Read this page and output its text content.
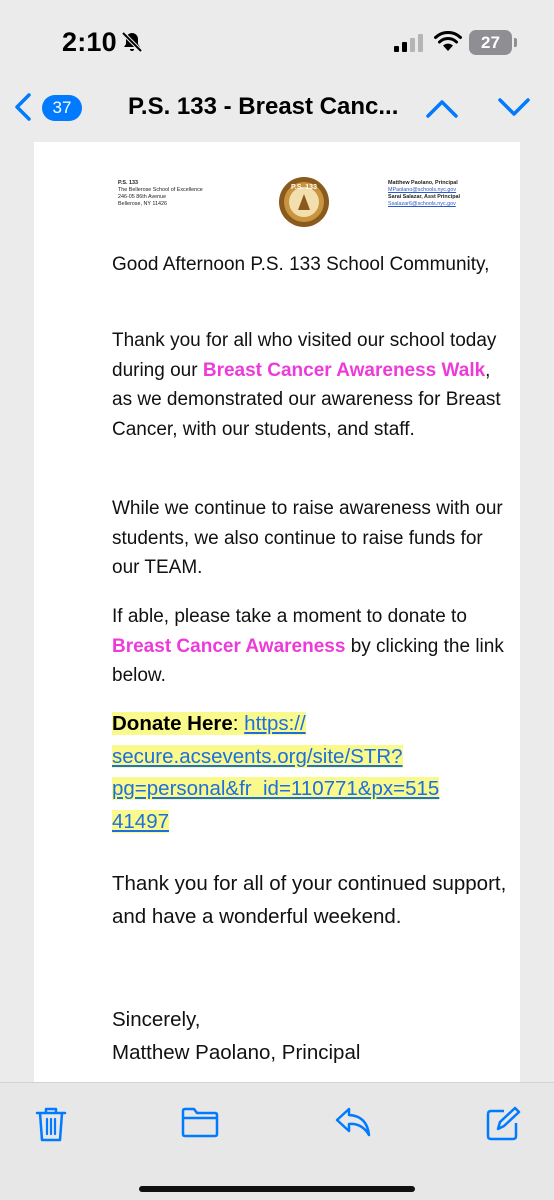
2:10	27
37	P.S. 133 - Breast Canc...
P.S. 133
The Bellerose School of Excellence
246-05 86th Avenue
Bellerose, NY 11426
P.S. 133
Matthew Paolano, Principal
MPaolano@schools.nyc.gov
Sarai Salazar, Asst Principal
Ssalazar6@schools.nyc.gov
Good Afternoon P.S. 133 School Community,
Thank you for all who visited our school today during our Breast Cancer Awareness Walk, as we demonstrated our awareness for Breast Cancer, with our students, and staff.
While we continue to raise awareness with our students, we also continue to raise funds for our TEAM.
If able, please take a moment to donate to Breast Cancer Awareness by clicking the link below.
Donate Here: https://
secure.acsevents.org/site/STR?
pg=personal&fr_id=110771&px=515
41497
Thank you for all of your continued support, and have a wonderful weekend.
Sincerely,
Matthew Paolano, Principal
